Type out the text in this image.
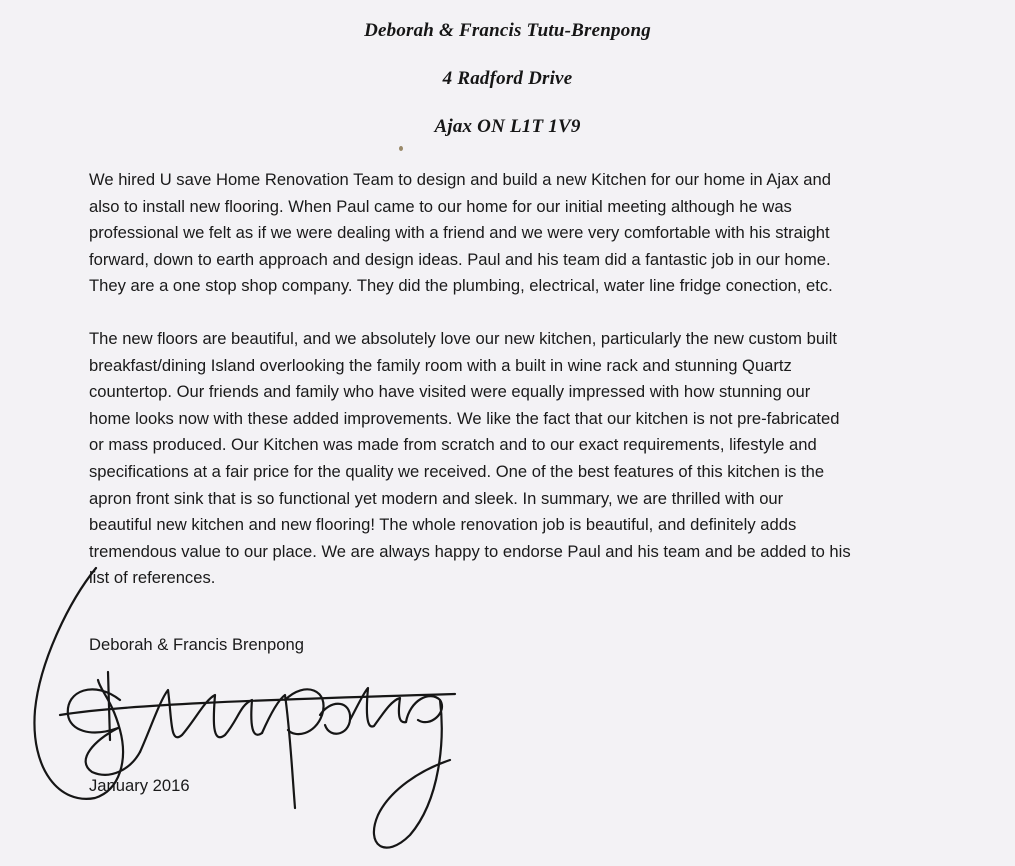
Deborah & Francis Tutu-Brenpong
4 Radford Drive
Ajax ON L1T 1V9
We hired U save Home Renovation Team to design and build a new Kitchen for our home in Ajax and
also to install new flooring. When Paul came to our home for our initial meeting although he was
professional we felt as if we were dealing with a friend and we were very comfortable with his straight
forward, down to earth approach and design ideas. Paul and his team did a fantastic job in our home.
They are a one stop shop company. They did the plumbing, electrical, water line fridge conection, etc.
The new floors are beautiful, and we absolutely love our new kitchen, particularly the new custom built
breakfast/dining Island overlooking the family room with a built in wine rack and stunning Quartz
countertop. Our friends and family who have visited were equally impressed with how stunning our
home looks now with these added improvements. We like the fact that our kitchen is not pre-fabricated
or mass produced. Our Kitchen was made from scratch and to our exact requirements, lifestyle and
specifications at a fair price for the quality we received. One of the best features of this kitchen is the
apron front sink that is so functional yet modern and sleek. In summary, we are thrilled with our
beautiful new kitchen and new flooring! The whole renovation job is beautiful, and definitely adds
tremendous value to our place. We are always happy to endorse Paul and his team and be added to his
list of references.
Deborah & Francis Brenpong
January 2016
